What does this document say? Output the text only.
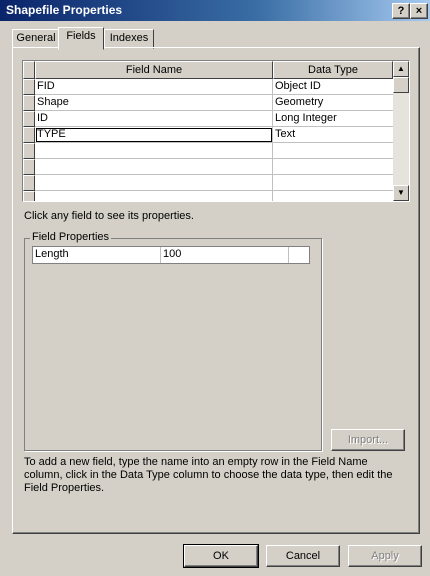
Shapefile Properties	?	×
General Fields	Indexes
Field Name	Data Type
FID	Object ID
Shape	Geometry
ID	Long Integer
TYPE	Text
▲
▼
Click any field to see its properties.
Field Properties
Length	100
Import...
To add a new field, type the name into an empty row in the Field Name column, click in the Data Type column to choose the data type, then edit the Field Properties.
OK	Cancel	Apply
